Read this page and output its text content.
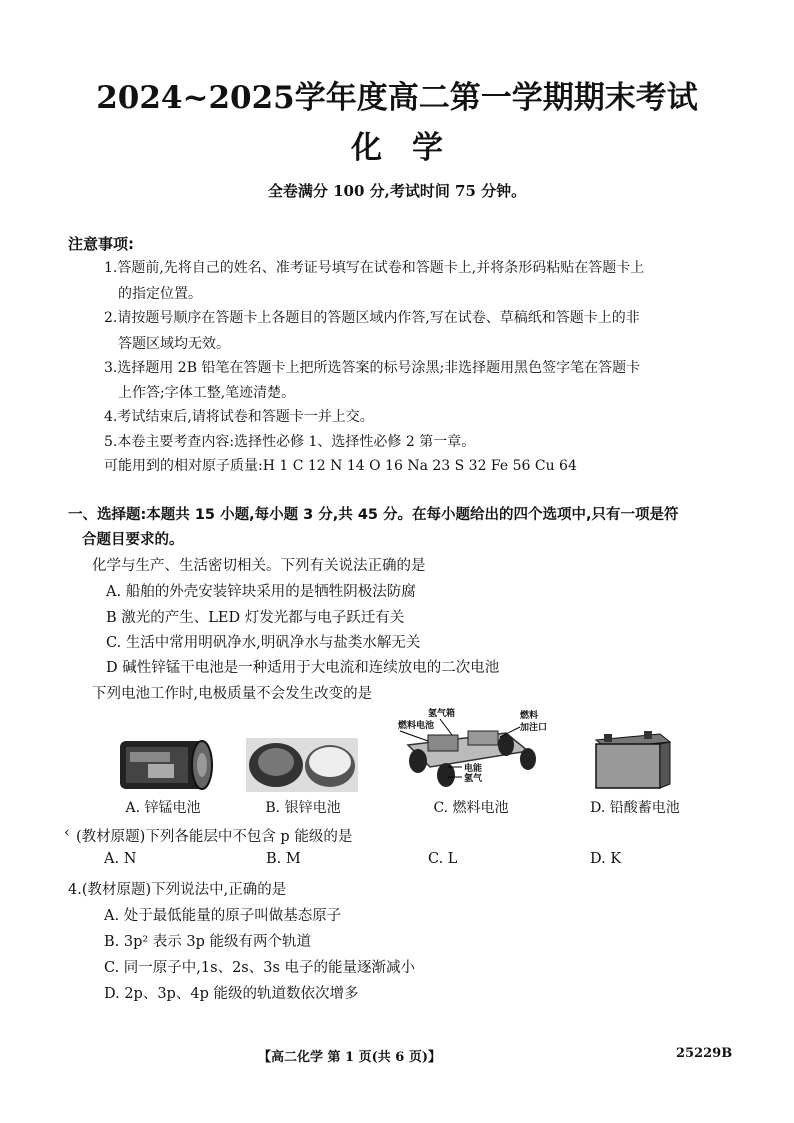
2024~2025学年度高二第一学期期末考试
化学
全卷满分 100 分,考试时间 75 分钟。
注意事项:
1.答题前,先将自己的姓名、准考证号填写在试卷和答题卡上,并将条形码粘贴在答题卡上
的指定位置。
2.请按题号顺序在答题卡上各题目的答题区域内作答,写在试卷、草稿纸和答题卡上的非
答题区域均无效。
3.选择题用 2B 铅笔在答题卡上把所选答案的标号涂黑;非选择题用黑色签字笔在答题卡
上作答;字体工整,笔迹清楚。
4.考试结束后,请将试卷和答题卡一并上交。
5.本卷主要考查内容:选择性必修 1、选择性必修 2 第一章。
可能用到的相对原子质量:H 1 C 12 N 14 O 16 Na 23 S 32 Fe 56 Cu 64
一、选择题:本题共 15 小题,每小题 3 分,共 45 分。在每小题给出的四个选项中,只有一项是符
合题目要求的。
化学与生产、生活密切相关。下列有关说法正确的是
A. 船舶的外壳安装锌块采用的是牺牲阴极法防腐
B 激光的产生、LED 灯发光都与电子跃迁有关
C. 生活中常用明矾净水,明矾净水与盐类水解无关
D 碱性锌锰干电池是一种适用于大电流和连续放电的二次电池
下列电池工作时,电极质量不会发生改变的是
A. 锌锰电池	B. 银锌电池
氢气箱
燃料电池
燃料
加注口
电能
氢气
C. 燃料电池	D. 铅酸蓄电池
‹ (教材原题)下列各能层中不包含 p 能级的是
A. N	B. M	C. L	D. K
4.(教材原题)下列说法中,正确的是
A. 处于最低能量的原子叫做基态原子
B. 3p² 表示 3p 能级有两个轨道
C. 同一原子中,1s、2s、3s 电子的能量逐渐减小
D. 2p、3p、4p 能级的轨道数依次增多
【高二化学 第 1 页(共 6 页)】	25229B
